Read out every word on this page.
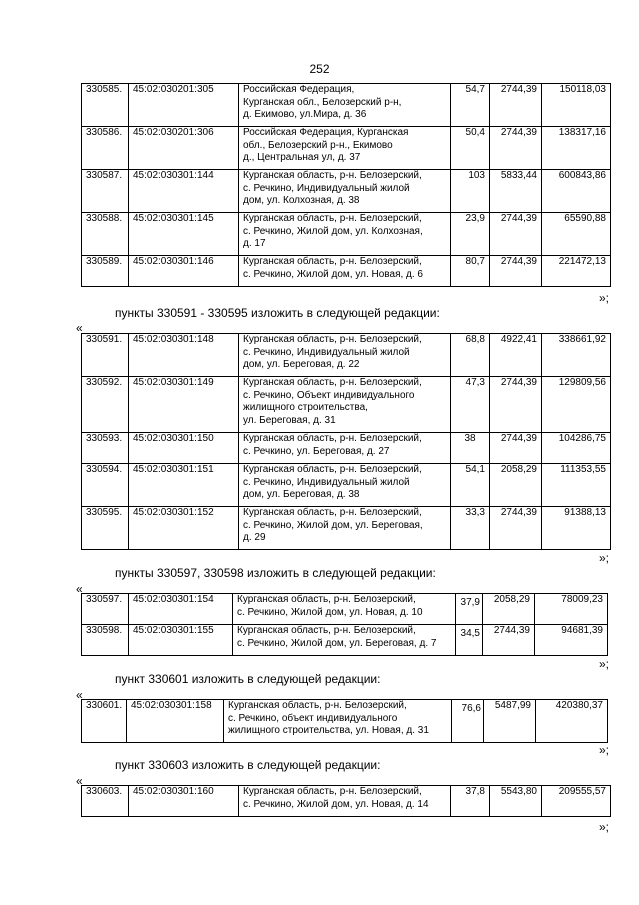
252
330585.	45:02:030201:305	Российская Федерация,
Курганская обл., Белозерский р-н,
д. Екимово, ул.Мира, д. 36	54,7	2744,39	150118,03
330586.	45:02:030201:306	Российская Федерация, Курганская
обл., Белозерский р-н., Екимово
д., Центральная ул, д. 37	50,4	2744,39	138317,16
330587.	45:02:030301:144	Курганская область, р-н. Белозерский,
с. Речкино, Индивидуальный жилой
дом, ул. Колхозная, д. 38	103	5833,44	600843,86
330588.	45:02:030301:145	Курганская область, р-н. Белозерский,
с. Речкино, Жилой дом, ул. Колхозная,
д. 17	23,9	2744,39	65590,88
330589.	45:02:030301:146	Курганская область, р-н. Белозерский,
с. Речкино, Жилой дом, ул. Новая, д. 6	80,7	2744,39	221472,13
»;
пункты 330591 - 330595 изложить в следующей редакции:
«
330591.	45:02:030301:148	Курганская область, р-н. Белозерский,
с. Речкино, Индивидуальный жилой
дом, ул. Береговая, д. 22	68,8	4922,41	338661,92
330592.	45:02:030301:149	Курганская область, р-н. Белозерский,
с. Речкино, Объект индивидуального
жилищного строительства,
ул. Береговая, д. 31	47,3	2744,39	129809,56
330593.	45:02:030301:150	Курганская область, р-н. Белозерский,
с. Речкино, ул. Береговая, д. 27	38	2744,39	104286,75
330594.	45:02:030301:151	Курганская область, р-н. Белозерский,
с. Речкино, Индивидуальный жилой
дом, ул. Береговая, д. 38	54,1	2058,29	111353,55
330595.	45:02:030301:152	Курганская область, р-н. Белозерский,
с. Речкино, Жилой дом, ул. Береговая,
д. 29	33,3	2744,39	91388,13
»;
пункты 330597, 330598 изложить в следующей редакции:
«
330597.	45:02:030301:154	Курганская область, р-н. Белозерский,
с. Речкино, Жилой дом, ул. Новая, д. 10	37,9	2058,29	78009,23
330598.	45:02:030301:155	Курганская область, р-н. Белозерский,
с. Речкино, Жилой дом, ул. Береговая, д. 7	34,5	2744,39	94681,39
»;
пункт 330601 изложить в следующей редакции:
«
330601.	45:02:030301:158	Курганская область, р-н. Белозерский,
с. Речкино, объект индивидуального
жилищного строительства, ул. Новая, д. 31
	76,6	5487,99	420380,37
»;
пункт 330603 изложить в следующей редакции:
«
330603.	45:02:030301:160	Курганская область, р-н. Белозерский,
с. Речкино, Жилой дом, ул. Новая, д. 14
	37,8	5543,80	209555,57
»;
